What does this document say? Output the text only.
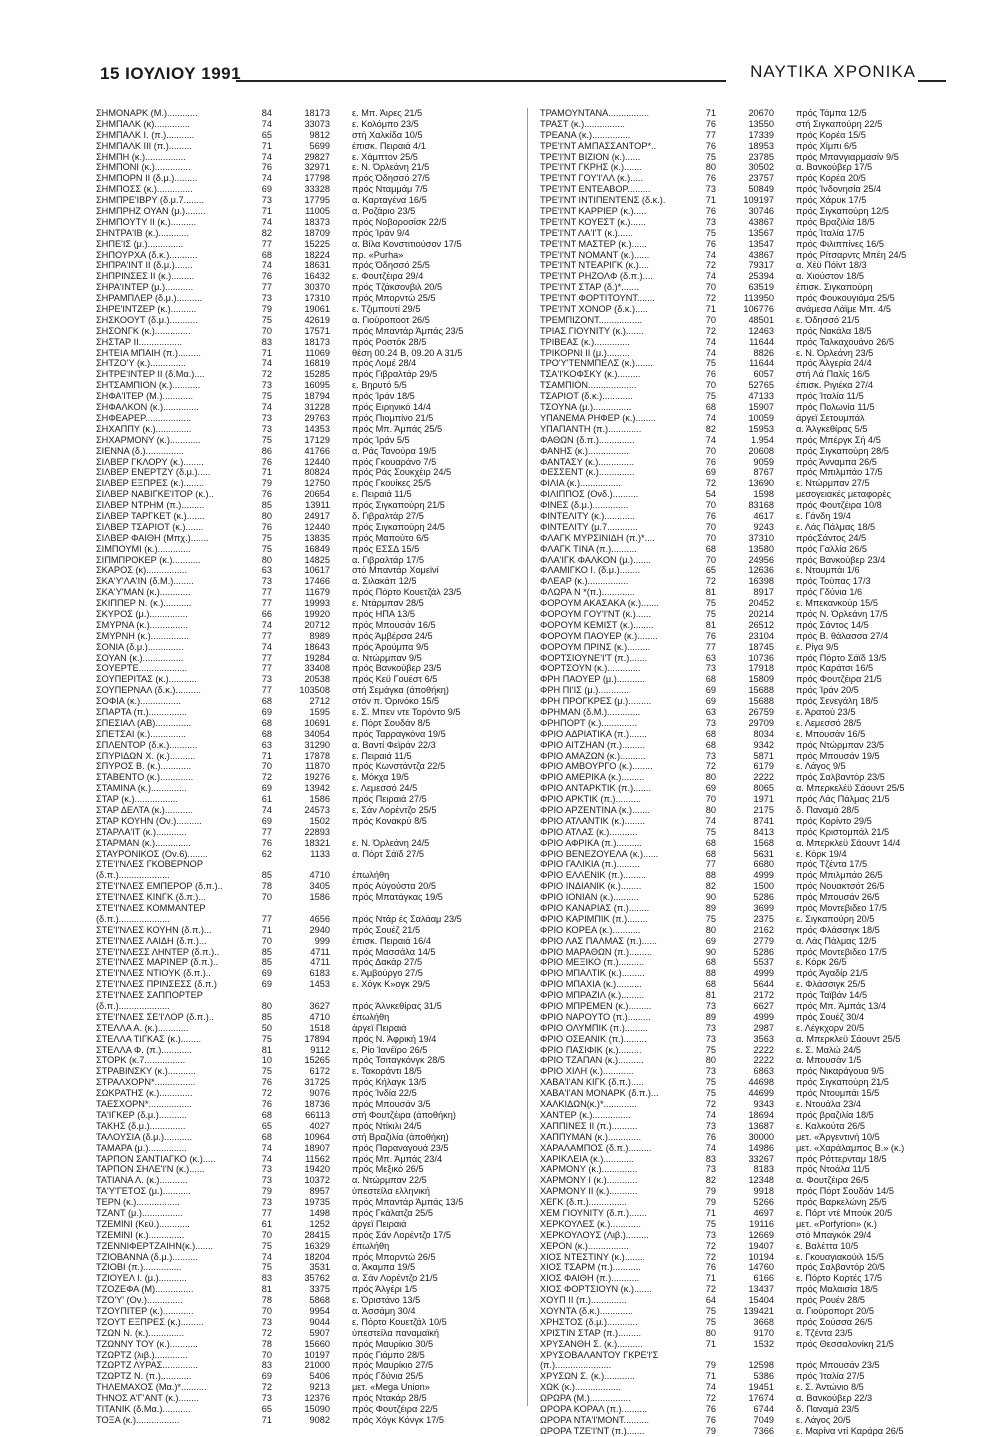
15 ΙΟΥΛΙΟΥ 1991	ΝΑΥΤΙΚΑ ΧΡΟΝΙΚΑ
ΣΗΜΟΝΑΡΚ (Μ.)............	84	18173	ε. Μπ. Άιρες 21/5
ΣΗΜΠΑΛΚ (κ)..............	74	33073	ε. Κολόμπο 23/5
ΣΗΜΠΑΛΚ Ι. (π.)...........	65	9812	στή Χαλκίδα 10/5
ΣΗΜΠΑΛΚ ΙΙΙ (π.).........	71	5699	έπισκ. Πειραιά 4/1
ΣΗΜΠΗ (κ.)................	74	29827	ε. Χάμπτον 25/5
ΣΗΜΠΟΝΙ (κ.)..............	76	32971	ε. Ν. Όρλεάνη 21/5
ΣΗΜΠΟΡΝ ΙΙ (δ.μ.).........	74	17798	πρός Όδησσό 27/5
ΣΗΜΠΟΣΣ (κ.)..............	69	33328	πρός Νταμμάμ 7/5
ΣΗΜΠΡΕ'ΙΒΡΥ (δ.μ.7........	73	17795	α. Καρταγένα 16/5
ΣΗΜΠΡΗΖ ΟΥΑΝ (μ.)........	71	11005	α. Ροζάριο 23/5
ΣΗΜΠΟΥΤΥ ΙΙ (κ.)..........	74	18373	πρός Νοβοροσίσκ 22/5
ΣΗΝΤΡΑ'ΙΒ (κ.)............	82	18709	πρός Ίράν 9/4
ΣΗΠΕ'ΙΣ (μ.)..............	77	15225	α. Βίλα Κονστιτιούσον 17/5
ΣΗΠΟΥΡΧΑ (δ.κ.)...........	68	18224	πρ. «Purha»
ΣΗΠΡΑ'ΙΝΤ ΙΙ (δ.μ.).......	74	18631	πρός Όδησσό 25/5
ΣΗΠΡΙΝΣΕΣ ΙΙ (κ.).........	76	16432	ε. Φουτζέιρα 29/4
ΣΗΡΑ'ΙΝΤΕΡ (μ.)...........	77	30370	πρός Τζάκσονβιλ 20/5
ΣΗΡΑΜΠΛΕΡ (δ.μ.)..........	73	17310	πρός Μπορντώ 25/5
ΣΗΡΕ'ΙΝΤΖΕΡ (κ.)..........	79	19061	ε. Τζιμπουτί 29/5
ΣΗΣΚΟΟΥΤ (δ.μ.)...........	75	42619	α. Γιούροποοτ 26/5
ΣΗΣΟΝΓΚ (κ.)..............	70	17571	πρός Μπαντάρ Άμπάς 23/5
ΣΗΣΤΑΡ ΙΙ.................	83	18173	πρός Ροστόκ 28/5
ΣΗΤΕΙΑ ΜΠΑΙΗ (π.).........	71	11069	θέση 00.24 Β, 09.20 Α 31/5
ΣΗΤΖΟ'Υ (κ.)..............	74	16819	πρός Λομέ 28/4
ΣΗΤΡΕ'ΙΝΤΕΡ ΙΙ (δ.Μα.)....	72	15285	πρός Γιβραλτάρ 29/5
ΣΗΤΣΑΜΠΙΟΝ (κ.)...........	73	16095	ε. Βηρυτό 5/5
ΣΗΦΑ'ΙΤΕΡ (Μ.)............	75	18794	πρός Ίράν 18/5
ΣΗΦΑΛΚΟΝ (κ.)..............	74	31228	πρός Ειρηνικό 14/4
ΣΗΦΕΑΡΕΡ..................	73	29763	πρός Πιομπίνο 21/5
ΣΗΧΑΠΠΥ (κ.)..............	73	14353	πρός Μπ. Άμπάς 25/5
ΣΗΧΑΡΜΟΝΥ (κ.)............	75	17129	πρός Ίράν 5/5
ΣΙΕΝΝΑ (δ.)...............	86	41766	α. Ράς Τανούρα 19/5
ΣΙΛΒΕΡ ΓΚΛΟΡΥ (κ.)........	76	12440	πρός Γκουαράνο 7/5
ΣΙΛΒΕΡ ΕΝΕΡΤΖΥ (δ.μ.).....	71	80824	πρός Ράς Σουκχέιρ 24/5
ΣΙΛΒΕΡ ΕΞΠΡΕΣ (κ.)........	79	12750	πρός Γκουίκες 25/5
ΣΙΛΒΕΡ ΝΑΒΙΓΚΕ'ΙΤΟΡ (κ.)..	76	20654	ε. Πειραιά 11/5
ΣΙΛΒΕΡ ΝΤΡΗΜ (π.).........	85	13911	πρός Σιγκαπούρη 21/5
ΣΙΛΒΕΡ ΤΑΡΓΚΕΤ (κ.).......	80	24917	δ. Γιβραλτάρ 27/5
ΣΙΛΒΕΡ ΤΣΑΡΙΟΤ (κ.).......	76	12440	πρός Σιγκαπούρη 24/5
ΣΙΛΒΕΡ ΦΑΙΘΗ (Μπχ.).......	75	13835	πρός Μαπούτο 6/5
ΣΙΜΠΟΥΜΙ (κ.).............	75	16849	πρός ΕΣΣΔ 15/5
ΣΙΠΜΠΡΟΚΕΡ (κ.)...........	80	14825	α. Γιβραλτάρ 17/5
ΣΚΑΡΟΣ (κ)................	63	10617	στό Μπαντάρ Χομεϊνί
ΣΚΑ'Υ'ΛΑ'ΙΝ (δ.Μ.)........	73	17466	α. Σιλακάπ 12/5
ΣΚΑ'Υ'ΜΑΝ (κ.)............	77	11679	πρός Πόρτο Κουετζάλ 23/5
ΣΚΙΠΠΕΡ Ν. (κ.)...........	77	19993	ε. Ντάρμπαν 28/5
ΣΚΥΡΟΣ (μ.)...............	66	19920	πρός ΗΠΑ 13/5
ΣΜΥΡΝΑ (κ.)...............	74	20712	πρός Μπουσάν 16/5
ΣΜΥΡΝΗ (κ.)...............	77	8989	πρός Άμβέρσα 24/5
ΣΟΝΙΑ (δ.μ.)..............	74	18643	πρός Άρούμπα 9/5
ΣΟΥΑΝ (κ.)................	77	19284	α. Ντώρμπαν 9/5
ΣΟΥΕΡΤΕ...................	77	33408	πρός Βανκούβερ 23/5
ΣΟΥΠΕΡΙΤΑΣ (κ.)...........	73	20538	πρός Κεϋ Γουέστ 6/5
ΣΟΥΠΕΡΝΑΛ (δ.κ.)..........	77	103508	στή Σεμάγκα (άποθήκη)
ΣΟΦΙΑ (κ.)................	68	2712	στόν π. Όρινόκο 15/5
ΣΠΑΡΤΑ (π.)...............	69	1595	ε. Σ. Μπεν ντε Τορόντο 9/5
ΣΠΕΣΙΑΛ (ΑΒ)..............	68	10691	ε. Πόρτ Σουδάν 8/5
ΣΠΕΤΣΑΙ (κ.)..............	68	34054	πρός Ταρραγκόνα 19/5
ΣΠΛΕΝΤΟΡ (δ.κ.)...........	63	31290	α. Βαντί Φεϊράν 22/3
ΣΠΥΡΙΔΩΝ Χ. (κ.)..........	71	17878	ε. Πειραιά 11/5
ΣΠΥΡΟΣ Β. (κ.)............	70	11870	πρός Κωνστάντζα 22/5
ΣΤΑΒΕΝΤΟ (κ.).............	72	19276	ε. Μόκχα 19/5
ΣΤΑΜΙΝΑ (κ.)..............	69	13942	ε. Λεμεσσό 24/5
ΣΤΑΡ (κ.).................	61	1586	πρός Πειραιά 27/5
ΣΤΑΡ ΔΕΛΤΑ (κ.)...........	74	24573	ε. Σάν Λορέντζο 25/5
ΣΤΑΡ ΚΟΥΗΝ (Ον.)..........	69	1502	πρός Κονακρύ 8/5
ΣΤΑΡΛΑ'ΙΤ (κ.)............	77	22893
ΣΤΑΡΜΑΝ (κ.)..............	76	18321	ε. Ν. Όρλεάνη 24/5
ΣΤΑΥΡΟΝΙΚΟΣ (Ον.6)........	62	1133	α. Πόρτ Σάϊδ 27/5
ΣΤΕ'Ι'ΝΛΕΣ ΓΚΟΒΕΡΝΟΡ
(δ.π.)....................	85	4710	έπωλήθη
ΣΤΕ'Ι'ΝΛΕΣ ΕΜΠΕΡΟΡ (δ.π.)..	78	3405	πρός Αύγούστα 20/5
ΣΤΕ'Ι'ΝΛΕΣ ΚΙΝΓΚ (δ.π.)...	70	1586	πρός Μπατάγκας 19/5
ΣΤΕ'Ι'ΝΛΕΣ ΚΟΜΜΑΝΤΕΡ
(δ.π.)....................	77	4656	πρός Ντάρ ές Σαλάαμ 23/5
ΣΤΕ'Ι'ΝΛΕΣ ΚΟΥΗΝ (δ.π.)...	71	2940	πρός Σουέζ 21/5
ΣΤΕ'Ι'ΝΛΕΣ ΛΑΙΔΗ (δ.π.)...	70	999	έπισκ. Πειραιά 16/4
ΣΤΕ'Ι'ΝΛΕΣΣ ΛΗΝΤΕΡ (δ.π.)..	85	4711	πρός Μασσάλα 14/5
ΣΤΕ'Ι'ΝΛΕΣ ΜΑΡΙΝΕΡ (δ.π.)..	85	4711	πρός Δακάρ 27/5
ΣΤΕ'Ι'ΝΛΕΣ ΝΤΙΟΥΚ (δ.π.)..	69	6183	ε. Άμβούργο 27/5
ΣΤΕ'Ι'ΝΛΕΣ ΠΡΙΝΣΕΣΣ (δ.π.)	69	1453	ε. Χόγκ Κ»ογκ 29/5
ΣΤΕ'Ι'ΝΛΕΣ ΣΑΠΠΟΡΤΕΡ
(δ.π.)....................	80	3627	πρός Άλνκεθίρας 31/5
ΣΤΕ'Ι'ΝΛΕΣ ΣΕ'Ι'ΛΟΡ (δ.π.)..	85	4710	έπωλήθη
ΣΤΕΛΛΑ Α. (κ.)............	50	1518	άργεϊ Πειραιά
ΣΤΕΛΛΑ ΤΙΓΚΑΣ (κ.)........	75	17894	πρός Ν. Άφρική 19/4
ΣΤΕΛΛΑ Φ. (π.)............	81	9112	ε. Ρίο Ίανέϊρο 26/5
ΣΤΟΡΚ (κ.7................	10	15265	πρός Τσιταγκόνγκ 28/5
ΣΤΡΑΒΙΝΣΚΥ (κ.)...........	75	6172	ε. Τακοράντι 18/5
ΣΤΡΑΛΧΟΡΝ*................	76	31725	πρός Κήλαγκ 13/5
ΣΩΚΡΑΤΗΣ (κ.).............	72	9076	πρός Ίνδία 22/5
ΤΑΕΣΧΟΡΝ*.................	76	18736	πρός Μπουσάν 3/5
ΤΑ'ΙΓΚΕΡ (δ.μ.)...........	68	66113	στή Φουτζέιρα (άποθήκη)
ΤΑΚΗΣ (δ.μ.)..............	65	4027	πρός Ντίκιλι 24/5
ΤΑΛΟΥΣΙΑ (δ.μ.)...........	68	10964	στή Βραζιλία (άποθήκη)
ΤΑΜΑΡΑ (μ.)...............	74	18907	πρός Παραναγουά 23/5
ΤΑΡΠΟΝ ΣΑΝΤΙΑΓΚΟ (κ.).....	74	11562	πρός Μπ. Άμπάς 23/4
ΤΑΡΠΟΝ ΣΗΛΕ'Ι'Ν (κ.)......	73	19420	πρός Μεξικό 26/5
ΤΑΤΙΑΝΑ Λ. (κ.)...........	73	10372	α. Ντώρμπαν 22/5
ΤΑ'Υ'ΓΕΤΟΣ (μ.)...........	79	8957	ύπεστείλα ελληνική
ΤΕΡΝ (κ.).................	73	19735	πρός Μπαντάρ Άμπάς 13/5
ΤΖΑΝΤ (μ.)................	77	1498	πρός Γκάλατζα 25/5
ΤΖΕΜΙΝΙ (Κεϋ.)............	61	1252	άργεϊ Πειραιά
ΤΖΕΜΙΝΙ (κ.)..............	70	28415	πρός Σάν Λορέντζο 17/5
ΤΖΕΝΝΙΦΕΡΤΖΑΙΗΝ(κ.).......	75	16329	έπωλήθη
ΤΖΙΟΒΑΝΝΑ (δ.μ.)..........	74	18204	πρός Μπορντώ 26/5
ΤΖΙΟΒΙ (π.)...............	75	3531	α. Άκαμπα 19/5
ΤΖΙΟΥΕΛ Ι. (μ.)...........	83	35762	α. Σάν Λορέντζο 21/5
ΤΖΟΖΕΦΑ (Μ)...............	81	3375	πρός Άλγέρι 1/5
ΤΖΟ'Υ' (Ον.)..............	78	5868	ε. Όριστάνο 13/5
ΤΖΟΥΠΙΤΕΡ (κ.)............	70	9954	α. Άσσάμη 30/4
ΤΖΟΥΤ ΕΞΠΡΕΣ (κ.).........	73	9044	ε. Πόρτο Κουετζάλ 10/5
ΤΖΩΝ Ν. (κ.)..............	72	5907	ύπεστείλα παναμαϊκή
ΤΖΩΝΝΥ ΤΟΥ (κ.)...........	78	15660	πρός Μαυρίκιο 30/5
ΤΖΩΡΤΖ (λιβ.).............	70	10197	πρός Γιάμπο 28/5
ΤΖΩΡΤΖ ΛΥΡΑΣ..............	83	21000	πρός Μαυρίκιο 27/5
ΤΖΩΡΤΖ Ν. (π.)............	69	5406	πρός Γδύνια 25/5
ΤΗΛΕΜΑΧΟΣ (Μα.)*..........	72	9213	μετ. «Mega Union»
ΤΗΝΟΣ Α'Γ'ΑΝΤ (κ.)........	73	12376	πρός Ντακάρ 28/5
ΤΙΤΑΝΙΚ (δ.Μα.)...........	65	15090	πρός Φουτζέιρα 22/5
ΤΟΞΑ (κ.).................	71	9082	πρός Χόγκ Κόνγκ 17/5
ΤΡΑΜΟΥΝΤΑΝΑ................	71	20670	πρός Τάμπα 12/5
ΤΡΑΣΤ (κ.)................	76	13550	στή Σιγκαπούρη 22/5
ΤΡΕΑΝΑ (κ.)...............	77	17339	πρός Κορέα 15/5
ΤΡΕ'Ι'ΝΤ ΑΜΠΑΣΣΑΝΤΟΡ*..	76	18953	πρός Χίμπι 6/5
ΤΡΕ'Ι'ΝΤ ΒΙΖΙΟΝ (κ.)......	75	23785	πρός Μπανγιαρμασίν 9/5
ΤΡΕ'Ι'ΝΤ ΓΚΡΗΣ (κ.).......	80	30502	α. Βανκούβερ 17/5
ΤΡΕ'Ι'ΝΤ ΓΟΥ'Ι'ΛΛ (κ.).....	76	23757	πρός Κορέα 20/5
ΤΡΕ'Ι'ΝΤ ΕΝΤΕΑΒΟΡ.........	73	50849	πρός Ίνδονησία 25/4
ΤΡΕ'Ι'ΝΤ ΙΝΤΙΠΕΝΤΕΝΣ (δ.κ.).	71	109197	πρός Χάρυκ 17/5
ΤΡΕ'Ι'ΝΤ ΚΑΡΡΙΕΡ (κ.).....	76	30746	πρός Σιγκαπούρη 12/5
ΤΡΕ'Ι'ΝΤ ΚΟΥΕΣΤ (κ.)......	73	43867	πρός Βραζιλία 18/5
ΤΡΕ'Ι'ΝΤ ΛΑ'Ι'Τ (κ.)......	75	13567	πρός Ίταλία 17/5
ΤΡΕ'Ι'ΝΤ ΜΑΣΤΕΡ (κ.)......	76	13547	πρός Φιλιππίνες 16/5
ΤΡΕ'Ι'ΝΤ ΝΟΜΑΝΤ (κ.)......	74	43867	πρός Ρίτσαρντς Μπέη 24/5
ΤΡΕ'Ι'ΝΤ ΝΤΕΑΡΙΓΚ (κ.)....	72	79317	α. Χέϋ Πόϊντ 18/3
ΤΡΕ'Ι'ΝΤ ΡΗΖΟΛΦ (δ.π.)....	74	25394	α. Χιούστον 18/5
ΤΡΕ'Ι'ΝΤ ΣΤΑΡ (δ.)*.......	70	63519	έπισκ. Σιγκαπούρη
ΤΡΕ'Ι'ΝΤ ΦΟΡΤΙΤΟΥΝΤ.......	72	113950	πρός Φουκουγιάμα 25/5
ΤΡΕ'Ι'ΝΤ ΧΟΝΟΡ (δ.κ.).....	71	106776	ανάμεσα Λάϊμε Μπ. 4/5
ΤΡΕΜΠΙΖΟΝΤ.................	70	48501	ε. Όδησσό 21/5
ΤΡΙΑΣ ΓΙΟΥΝΙΤΥ (κ.).......	72	12463	πρός Νακάλα 18/5
ΤΡΙΒΕΑΣ (κ.)..............	74	11644	πρός Ταλκαχουάνο 26/5
ΤΡΙΚΟΡΝΙ ΙΙ (μ.).........	74	8826	ε. Ν. Όρλεάνη 23/5
ΤΡΟ'Υ'ΤΕΝΜΠΕΛΣ (κ.).......	75	11644	πρός Άλγερία 24/4
ΤΣΑ'Ι'ΚΟΦΣΚΥ (κ.).........	76	6057	στή Λά Παλίς 16/5
ΤΣΑΜΠΙΟΝ...................	70	52765	έπισκ. Ριγιέκα 27/4
ΤΣΑΡΙΟΤ (δ.κ.)............	75	47133	πρός Ίταλία 11/5
ΤΣΟΥΝΑ (μ.)...............	68	15907	πρός Πολωνία 11/5
ΥΠΑΝΕΜΑ ΡΗΦΕΡ (κ.)........	74	10059	άργεϊ Σετουμπάλ
ΥΠΑΠΑΝΤΗ (π.).............	82	15953	α. Άλγκεθίρας 5/5
ΦΑΘΩΝ (δ.π.)..............	74	1.954	πρός Μπέργκ Σή 4/5
ΦΑΝΗΣ (κ.)................	70	20608	πρός Σιγκαπούρη 28/5
ΦΑΝΤΑΣΥ (κ.)..............	76	9059	πρός Άνναμπα 26/5
ΦΕΣΣΕΝΤ (κ.)..............	69	8767	πρός Μπιλμπάο 17/5
ΦΙΛΙΑ (κ.)................	72	13690	ε. Ντώρμπαν 27/5
ΦΙΛΙΠΠΟΣ (Ονδ.)..........	54	1598	μεσογειακές μεταφορές
ΦΙΝΕΣ (δ.μ.)..............	70	83168	πρός Φουτζέιρα 10/8
ΦΙΝΤΕΛΙΤΥ (κ.)............	76	4617	ε. Γάνδη 19/4
ΦΙΝΤΕΛΙΤΥ (μ.7............	70	9243	ε. Λάς Πάλμας 18/5
ΦΛΑΓΚ ΜΥΡΣΙΝΙΔΗ (π.)*....	70	37310	πρόςΣάντος 24/5
ΦΛΑΓΚ ΤΙΝΑ (π.)..........	68	13580	πρός Γαλλία 26/5
ΦΛΑ'ΙΓΚ ΦΑΛΚΟΝ (μ.).......	70	24956	πρός Βανκούβερ 23/4
ΦΛΑΜΙΓΚΟ Ι. (δ.μ.)........	65	12636	ε. Ντουμπάι 1/6
ΦΛΕΑΡ (κ.)................	72	16398	πρός Τούπας 17/3
ΦΛΩΡΑ Ν *(π.).............	81	8917	πρός Γδύνια 1/6
ΦΟΡΟΥΜ ΑΚΑΣΑΚΑ (κ.).......	75	20452	ε. Μπεκανκούρ 15/5
ΦΟΡΟΥΜ ΓΟΥ'Ι'ΝΤ (κ.)......	75	20214	πρός Ν. Όρλεάνη 17/5
ΦΟΡΟΥΜ ΚΕΜΙΣΤ (κ.)........	81	26512	πρός Σάντος 14/5
ΦΟΡΟΥΜ ΠΑΟΥΕΡ (κ.)........	76	23104	πρός Β. θάλασσα 27/4
ΦΟΡΟΥΜ ΠΡΙΝΣ (κ.).........	77	18745	ε. Ρίγα 9/5
ΦΟΡΤΣΙΟΥΝΕ'Ι'Τ (π.).......	63	10736	πρός Πόρτο Σάϊδ 13/5
ΦΟΡΤΣΟΥΝ (κ.).............	73	17918	πρός Καράτσι 16/5
ΦΡΗ ΠΑΟΥΕΡ (μ.)...........	68	15809	πρός Φουτζέιρα 21/5
ΦΡΗ ΠΙ'ΙΣ (μ.)............	69	15688	πρός Ίράν 20/5
ΦΡΗ ΠΡΟΓΚΡΕΣ (μ.).........	69	15688	πρός Σενεγάλη 18/5
ΦΡΗΜΑΝ (δ.Μ.).............	63	26759	ε. Άρατού 23/5
ΦΡΗΠΟΡΤ (κ.)..............	73	29709	ε. Λεμεσσό 28/5
ΦΡΙΟ ΑΔΡΙΑΤΙΚΑ (π.).......	68	8034	ε. Μπουσάν 16/5
ΦΡΙΟ ΑΙΤΖΗΑΝ (π.).........	68	9342	πρός Ντώρμπαν 23/5
ΦΡΙΟ ΑΜΑΖΩΝ (κ.)..........	73	5871	πρός Μπουσάν 19/5
ΦΡΙΟ ΑΜΒΟΥΡΓΟ (κ.)........	72	6179	ε. Λάγος 9/5
ΦΡΙΟ ΑΜΕΡΙΚΑ (κ.).........	80	2222	πρός Σαλβαντόρ 23/5
ΦΡΙΟ ΑΝΤΑΡΚΤΙΚ (π.).......	69	8065	α. Μπερκελέϋ Σάουντ 25/5
ΦΡΙΟ ΑΡΚΤΙΚ (π.)..........	70	1971	πρός Λάς Πάλμας 21/5
ΦΡΙΟ ΑΡΖΕΝΤΙΝΑ (κ.).......	80	2175	δ. Παναμά 28/5
ΦΡΙΟ ΑΤΛΑΝΤΙΚ (κ.)........	74	8741	πρός Κορίντο 29/5
ΦΡΙΟ ΑΤΛΑΣ (κ.)...........	75	8413	πρός Κριστομπάλ 21/5
ΦΡΙΟ ΑΦΡΙΚΑ (π.)..........	68	1568	α. Μπερκλεϋ Σάουντ 14/4
ΦΡΙΟ ΒΕΝΕΖΟΥΕΛΑ (κ.)......	68	5631	ε. Κόρκ 19/4
ΦΡΙΟ ΓΑΛΙΚΙΑ (π.).........	77	6680	πρός Τζέντα 17/5
ΦΡΙΟ ΕΛΛΕΝΙΚ (π.).........	88	4999	πρός Μπιλμπάο 26/5
ΦΡΙΟ ΙΝΔΙΑΝΙΚ (κ.)........	82	1500	πρός Νουακτσότ 26/5
ΦΡΙΟ ΙΟΝΙΑΝ (κ.)..........	90	5286	πρός Μπουσάν 26/5
ΦΡΙΟ ΚΑΝΑΡΙΑΣ (π.)........	89	3699	πρός Μοντεβιδεο 17/5
ΦΡΙΟ ΚΑΡΙΜΠΙΚ (π.)........	75	2375	ε. Σιγκαπούρη 20/5
ΦΡΙΟ ΚΟΡΕΑ (κ.)...........	80	2162	πρός Φλάσσιγκ 18/5
ΦΡΙΟ ΛΑΣ ΠΑΛΜΑΣ (π.)......	69	2779	α. Λάς Πάλμας 12/5
ΦΡΙΟ ΜΑΡΑΘΩΝ (π.).........	90	5286	πρός Μοντεβιδεο 17/5
ΦΡΙΟ ΜΕΞΙΚΟ (π.)..........	68	5537	ε. Κόρκ 26/5
ΦΡΙΟ ΜΠΑΛΤΙΚ (κ.).........	88	4999	πρός Άγαδίρ 21/5
ΦΡΙΟ ΜΠΑΧΙΑ (κ.)..........	68	5644	ε. Φλάσσιγκ 25/5
ΦΡΙΟ ΜΠΡΑΖΙΛ (κ.).........	81	2172	πρός Ταϊβάν 14/5
ΦΡΙΟ ΜΠΡΕΜΕΝ (κ.).........	73	6627	πρός Μπ. Άμπάς 13/4
ΦΡΙΟ ΝΑΡΟΥΤΟ (π.).........	89	4999	πρός Σουέζ 30/4
ΦΡΙΟ ΟΛΥΜΠΙΚ (π.).........	73	2987	ε. Λέγκχορν 20/5
ΦΡΙΟ ΟΣΕΑΝΙΚ (π.).........	73	3563	α. Μπερκλεϋ Σάουντ 25/5
ΦΡΙΟ ΠΑΣΙΦΙΚ (κ.).........	75	2222	ε. Σ. Μαλώ 24/5
ΦΡΙΟ ΤΖΑΠΑΝ (κ.)..........	80	2222	α. Μπουσάν 1/5
ΦΡΙΟ ΧΙΛΗ (κ.)............	73	6863	πρός Νικαράγουα 9/5
ΧΑΒΑ'Ι'ΑΝ ΚΙΓΚ (δ.π.).....	75	44698	πρός Σιγκαπούρη 21/5
ΧΑΒΑ'Ι'ΑΝ ΜΟΝΑΡΚ (δ.π.)...	75	44699	πρός Ντουμπάι 15/5
ΧΑΛΚΙΔΩΝ(κ.)*.............	72	9343	ε. Ντουάλα 23/4
ΧΑΝΤΕΡ (κ.)...............	74	18694	πρός βραζιλία 18/5
ΧΑΠΠΙΝΕΣ ΙΙ (π.)..........	73	13687	ε. Καλκούτα 26/5
ΧΑΠΠΥΜΑΝ (κ.).............	76	30000	μετ. «Άργεντινή 10/5
ΧΑΡΑΛΑΜΠΟΣ (δ.π.).........	74	14986	μετ. «Χαράλαμπος Β.» (κ.)
ΧΑΡΙΚΛΕΙΑ (κ.)............	83	33267	πρός Ρόττερνταμ 18/5
ΧΑΡΜΟΝΥ (κ.)..............	73	8183	πρός Ντοάλα 11/5
ΧΑΡΜΟΝΥ Ι (κ.)............	82	12348	α. Φουτζέιρα 26/5
ΧΑΡΜΟΝΥ ΙΙ (κ.)...........	79	9918	πρός Πόρτ Σουδάν 14/5
ΧΕΓΚ (δ.π.)...............	79	5266	πρός Βαρκελώνη 25/5
ΧΕΜ ΓΙΟΥΝΙΤΥ (δ.π.).......	71	4697	ε. Πόρτ ντέ Μπούκ 20/5
ΧΕΡΚΟΥΛΕΣ (κ.)............	75	19116	μετ. «Porfyrion» (κ.)
ΧΕΡΚΟΥΛΟΥΣ (Λιβ.).........	73	12669	στό Μπαγκόκ 29/4
ΧΕΡΟΝ (κ.)................	72	19407	ε. Βαλέττα 10/5
ΧΙΟΣ ΝΤΕΣΤΙΝΥ (κ.)........	72	10194	ε. Γκουαγιακούιλ 15/5
ΧΙΟΣ ΤΣΑΡΜ (π.)...........	76	14760	πρός Σαλβαντόρ 20/5
ΧΙΟΣ ΦΑΙΘΗ (π.)...........	71	6166	ε. Πόρτο Κορτές 17/5
ΧΙΟΣ ΦΟΡΤΣΙΟΥΝ (κ.).......	72	13437	πρός Μαλαισία 18/5
ΧΟΥΠ ΙΙ (π.)..............	64	15404	πρός Ρουέν 28/5
ΧΟΥΝΤΑ (δ.κ.).............	75	139421	α. Γιούροπορτ 20/5
ΧΡΗΣΤΟΣ (δ.μ.)............	75	3668	πρός Σούσσα 26/5
ΧΡΙΣΤΙΝ ΣΤΑΡ (π.).........	80	9170	ε. Τζέντα 23/5
ΧΡΥΣΑΝΘΗ Σ. (κ.)..........	71	1532	πρός Θεσσαλονίκη 21/5
ΧΡΥΣΟΒΑΛΑΝΤΟΥ ΓΚΡΕ'Ι'Σ
(π.)......................	79	12598	πρός Μπουσάν 23/5
ΧΡΥΣΩΝ Σ. (κ.)............	71	5386	πρός Ίταλία 27/5
ΧΩΚ (κ.)..................	74	19451	ε. Σ. Άντώνιο 8/5
ΩΡΩΡΑ (Μ.)................	72	17674	α. Βανκούβερ 22/3
ΩΡΟΡΑ ΚΟΡΑΛ (π.)..........	76	6744	δ. Παναμά 23/5
ΩΡΟΡΑ ΝΤΑ'Ι'ΜΟΝΤ..........	76	7049	ε. Λάγος 20/5
ΩΡΟΡΑ ΤΖΕ'Ι'ΝΤ (π.).......	79	7366	ε. Μαρίνα ντί Καράρα 26/5
